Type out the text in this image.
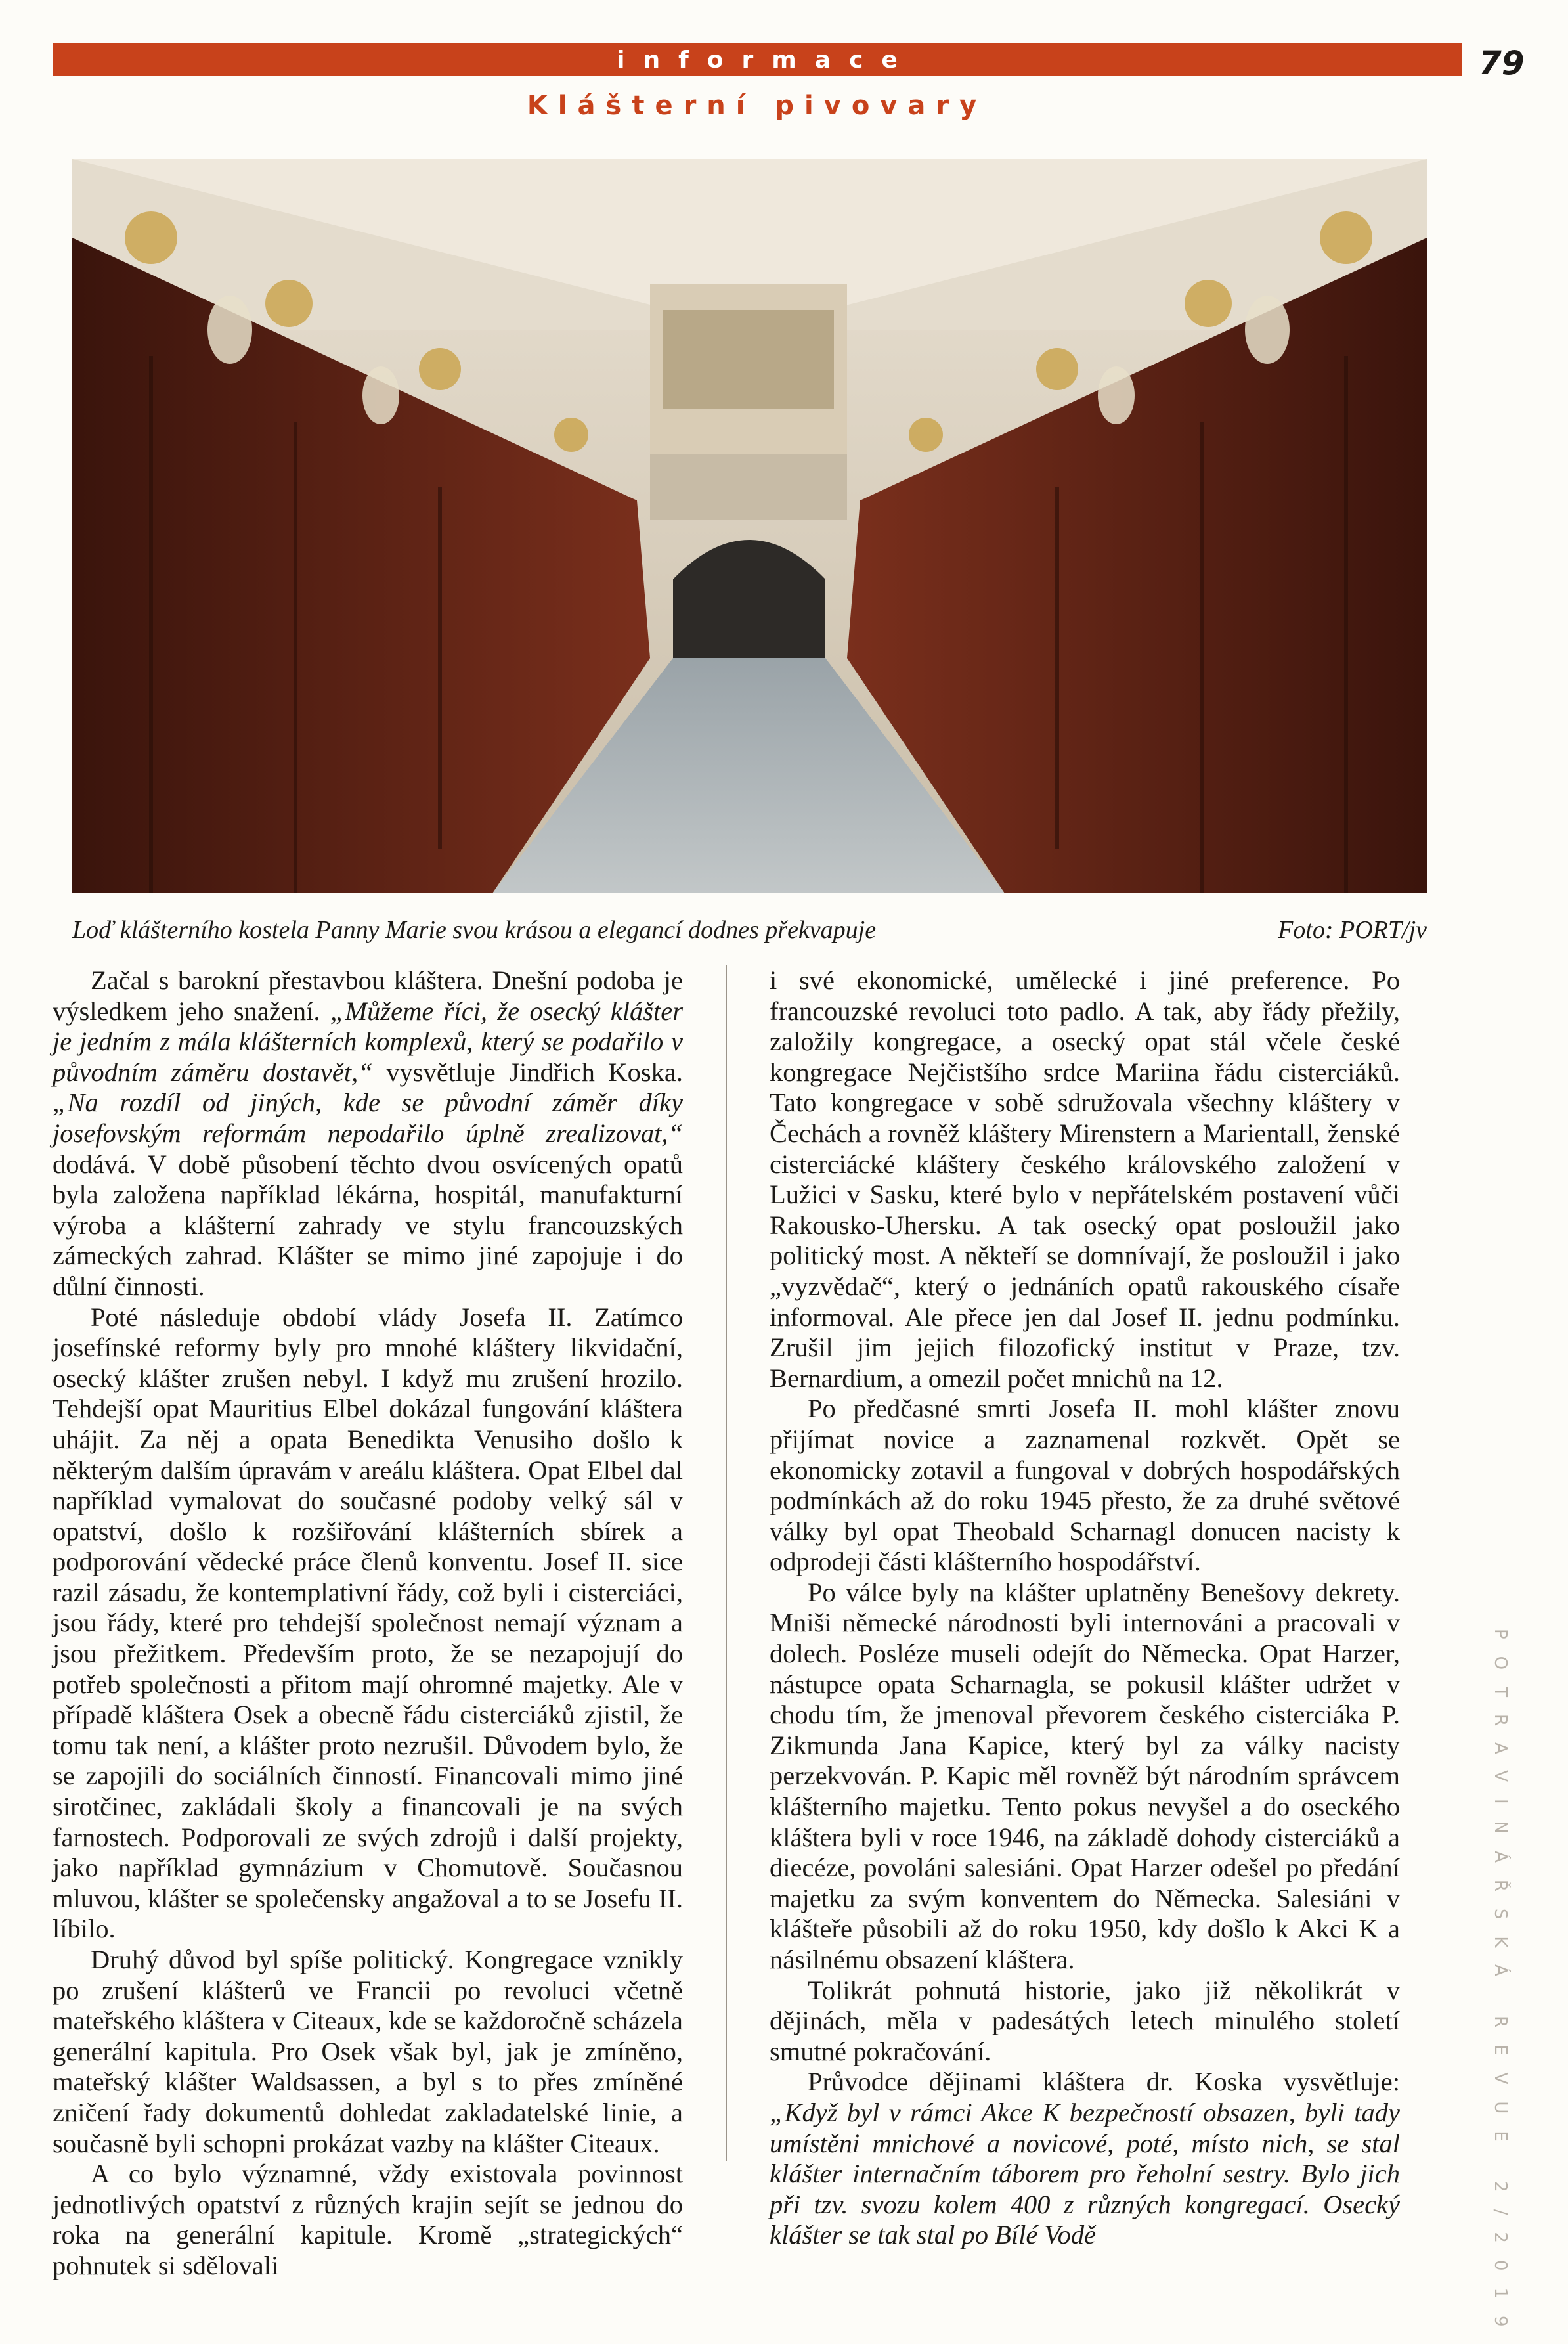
informace	79
Klášterní pivovary
Loď klášterního kostela Panny Marie svou krásou a elegancí dodnes překvapuje	Foto: PORT/jv

Začal s barokní přestavbou kláštera. Dnešní podoba je výsledkem jeho snažení. „Můžeme říci, že osecký klášter je jedním z mála klášterních komplexů, který se podařilo v původním záměru dostavět,“ vysvětluje Jindřich Koska. „Na rozdíl od jiných, kde se původní záměr díky josefovským reformám nepodařilo úplně zrealizovat,“ dodává. V době působení těchto dvou osvícených opatů byla založena například lékárna, hospitál, manufakturní výroba a klášterní zahrady ve stylu francouzských zámeckých zahrad. Klášter se mimo jiné zapojuje i do důlní činnosti.

Poté následuje období vlády Josefa II. Zatímco josefínské reformy byly pro mnohé kláštery likvidační, osecký klášter zrušen nebyl. I když mu zrušení hrozilo. Tehdejší opat Mauritius Elbel dokázal fungování kláštera uhájit. Za něj a opata Benedikta Venusiho došlo k některým dalším úpravám v areálu kláštera. Opat Elbel dal například vymalovat do současné podoby velký sál v opatství, došlo k rozšiřování klášterních sbírek a podporování vědecké práce členů konventu. Josef II. sice razil zásadu, že kontemplativní řády, což byli i cisterciáci, jsou řády, které pro tehdejší společnost nemají význam a jsou přežitkem. Především proto, že se nezapojují do potřeb společnosti a přitom mají ohromné majetky. Ale v případě kláštera Osek a obecně řádu cisterciáků zjistil, že tomu tak není, a klášter proto nezrušil. Důvodem bylo, že se zapojili do sociálních činností. Financovali mimo jiné sirotčinec, zakládali školy a financovali je na svých farnostech. Podporovali ze svých zdrojů i další projekty, jako například gymnázium v Chomutově. Současnou mluvou, klášter se společensky angažoval a to se Josefu II. líbilo.

Druhý důvod byl spíše politický. Kongregace vznikly po zrušení klášterů ve Francii po revoluci včetně mateřského kláštera v Citeaux, kde se každoročně scházela generální kapitula. Pro Osek však byl, jak je zmíněno, mateřský klášter Waldsassen, a byl s to přes zmíněné zničení řady dokumentů dohledat zakladatelské linie, a současně byli schopni prokázat vazby na klášter Citeaux.

A co bylo významné, vždy existovala povinnost jednotlivých opatství z různých krajin sejít se jednou do roka na generální kapitule. Kromě „strategických“ pohnutek si sdělovali

i své ekonomické, umělecké i jiné preference. Po francouzské revoluci toto padlo. A tak, aby řády přežily, založily kongregace, a osecký opat stál včele české kongregace Nejčistšího srdce Mariina řádu cisterciáků. Tato kongregace v sobě sdružovala všechny kláštery v Čechách a rovněž kláštery Mirenstern a Marientall, ženské cisterciácké kláštery českého královského založení v Lužici v Sasku, které bylo v nepřátelském postavení vůči Rakousko-Uhersku. A tak osecký opat posloužil jako politický most. A někteří se domnívají, že posloužil i jako „vyzvědač“, který o jednáních opatů rakouského císaře informoval. Ale přece jen dal Josef II. jednu podmínku. Zrušil jim jejich filozofický institut v Praze, tzv. Bernardium, a omezil počet mnichů na 12.

Po předčasné smrti Josefa II. mohl klášter znovu přijímat novice a zaznamenal rozkvět. Opět se ekonomicky zotavil a fungoval v dobrých hospodářských podmínkách až do roku 1945 přesto, že za druhé světové války byl opat Theobald Scharnagl donucen nacisty k odprodeji části klášterního hospodářství.

Po válce byly na klášter uplatněny Benešovy dekrety. Mniši německé národnosti byli internováni a pracovali v dolech. Posléze museli odejít do Německa. Opat Harzer, nástupce opata Scharnagla, se pokusil klášter udržet v chodu tím, že jmenoval převorem českého cisterciáka P. Zikmunda Jana Kapice, který byl za války nacisty perzekvován. P. Kapic měl rovněž být národním správcem klášterního majetku. Tento pokus nevyšel a do oseckého kláštera byli v roce 1946, na základě dohody cisterciáků a diecéze, povoláni salesiáni. Opat Harzer odešel po předání majetku za svým konventem do Německa. Salesiáni v klášteře působili až do roku 1950, kdy došlo k Akci K a násilnému obsazení kláštera.

Tolikrát pohnutá historie, jako již několikrát v dějinách, měla v padesátých letech minulého století smutné pokračování.

Průvodce dějinami kláštera dr. Koska vysvětluje: „Když byl v rámci Akce K bezpečností obsazen, byli tady umístěni mnichové a novicové, poté, místo nich, se stal klášter internačním táborem pro řeholní sestry. Bylo jich při tzv. svozu kolem 400 z různých kongregací. Osecký klášter se tak stal po Bílé Vodě	POTRAVINÁŘSKÁ REVUE 2/2019
